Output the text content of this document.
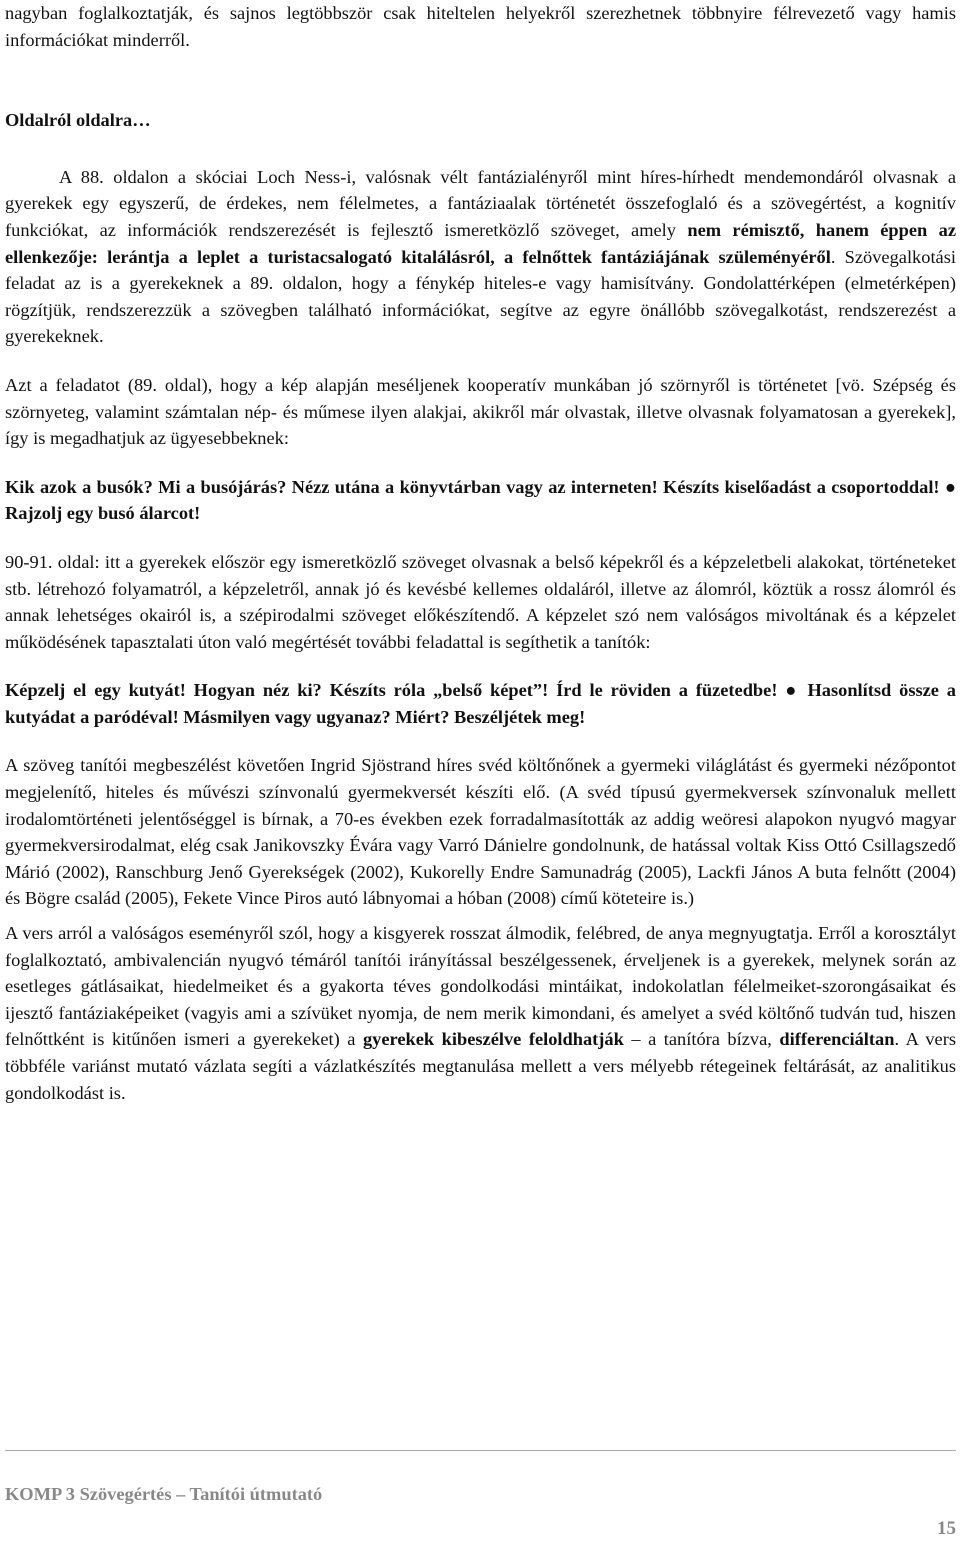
nagyban foglalkoztatják, és sajnos legtöbbször csak hiteltelen helyekről szerezhetnek többnyire félrevezető vagy hamis információkat minderről.

Oldalról oldalra…

A 88. oldalon a skóciai Loch Ness-i, valósnak vélt fantázialényről mint híres-hírhedt mendemondáról olvasnak a gyerekek egy egyszerű, de érdekes, nem félelmetes, a fantáziaalak történetét összefoglaló és a szövegértést, a kognitív funkciókat, az információk rendszerezését is fejlesztő ismeretközlő szöveget, amely nem rémisztő, hanem éppen az ellenkezője: lerántja a leplet a turistacsalogató kitalálásról, a felnőttek fantáziájának szüleményéről. Szövegalkotási feladat az is a gyerekeknek a 89. oldalon, hogy a fénykép hiteles-e vagy hamisítvány. Gondolattérképen (elmetérképen) rögzítjük, rendszerezzük a szövegben található információkat, segítve az egyre önállóbb szövegalkotást, rendszerezést a gyerekeknek.

Azt a feladatot (89. oldal), hogy a kép alapján meséljenek kooperatív munkában jó szörnyről is történetet [vö. Szépség és szörnyeteg, valamint számtalan nép- és műmese ilyen alakjai, akikről már olvastak, illetve olvasnak folyamatosan a gyerekek], így is megadhatjuk az ügyesebbeknek:

Kik azok a busók? Mi a busójárás? Nézz utána a könyvtárban vagy az interneten! Készíts kiselőadást a csoportoddal! ● Rajzolj egy busó álarcot!

90-91. oldal: itt a gyerekek először egy ismeretközlő szöveget olvasnak a belső képekről és a képzeletbeli alakokat, történeteket stb. létrehozó folyamatról, a képzeletről, annak jó és kevésbé kellemes oldaláról, illetve az álomról, köztük a rossz álomról és annak lehetséges okairól is, a szépirodalmi szöveget előkészítendő. A képzelet szó nem valóságos mivoltának és a képzelet működésének tapasztalati úton való megértését további feladattal is segíthetik a tanítók:

Képzelj el egy kutyát! Hogyan néz ki? Készíts róla „belső képet”! Írd le röviden a füzetedbe! ● Hasonlítsd össze a kutyádat a paródéval! Másmilyen vagy ugyanaz? Miért? Beszéljétek meg!

A szöveg tanítói megbeszélést követően Ingrid Sjöstrand híres svéd költőnőnek a gyermeki világlátást és gyermeki nézőpontot megjelenítő, hiteles és művészi színvonalú gyermekversét készíti elő. (A svéd típusú gyermekversek színvonaluk mellett irodalomtörténeti jelentőséggel is bírnak, a 70-es években ezek forradalmasították az addig weöresi alapokon nyugvó magyar gyermekversirodalmat, elég csak Janikovszky Évára vagy Varró Dánielre gondolnunk, de hatással voltak Kiss Ottó Csillagszedő Márió (2002), Ranschburg Jenő Gyerekségek (2002), Kukorelly Endre Samunadrág (2005), Lackfi János A buta felnőtt (2004) és Bögre család (2005), Fekete Vince Piros autó lábnyomai a hóban (2008) című köteteire is.)

A vers arról a valóságos eseményről szól, hogy a kisgyerek rosszat álmodik, felébred, de anya megnyugtatja. Erről a korosztályt foglalkoztató, ambivalencián nyugvó témáról tanítói irányítással beszélgessenek, érveljenek is a gyerekek, melynek során az esetleges gátlásaikat, hiedelmeiket és a gyakorta téves gondolkodási mintáikat, indokolatlan félelmeiket-szorongásaikat és ijesztő fantáziaképeiket (vagyis ami a szívüket nyomja, de nem merik kimondani, és amelyet a svéd költőnő tudván tud, hiszen felnőttként is kitűnően ismeri a gyerekeket) a gyerekek kibeszélve feloldhatják – a tanítóra bízva, differenciáltan. A vers többféle variánst mutató vázlata segíti a vázlatkészítés megtanulása mellett a vers mélyebb rétegeinek feltárását, az analitikus gondolkodást is.

KOMP 3 Szövegértés – Tanítói útmutató
15
